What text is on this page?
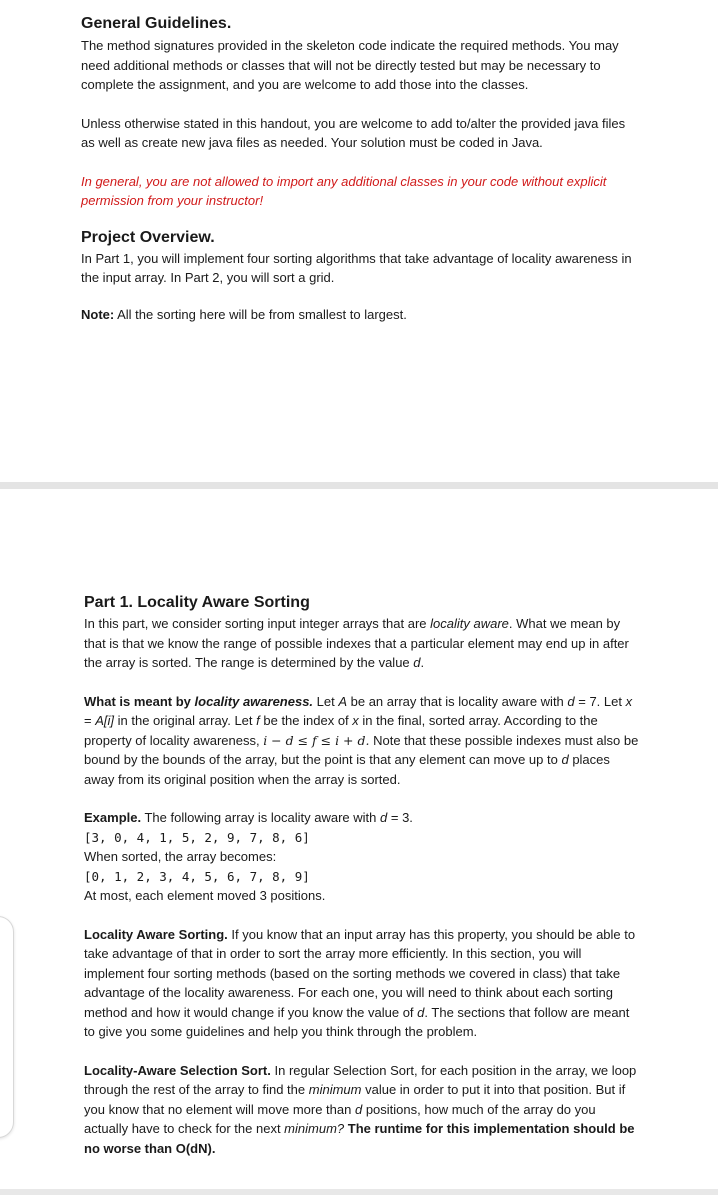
General Guidelines.

The method signatures provided in the skeleton code indicate the required methods. You may need additional methods or classes that will not be directly tested but may be necessary to complete the assignment, and you are welcome to add those into the classes.

Unless otherwise stated in this handout, you are welcome to add to/alter the provided java files as well as create new java files as needed. Your solution must be coded in Java.

In general, you are not allowed to import any additional classes in your code without explicit permission from your instructor!

Project Overview.

In Part 1, you will implement four sorting algorithms that take advantage of locality awareness in the input array. In Part 2, you will sort a grid.

Note: All the sorting here will be from smallest to largest.

Part 1. Locality Aware Sorting

In this part, we consider sorting input integer arrays that are locality aware. What we mean by that is that we know the range of possible indexes that a particular element may end up in after the array is sorted. The range is determined by the value d.

What is meant by locality awareness. Let A be an array that is locality aware with d = 7. Let x = A[i] in the original array. Let f be the index of x in the final, sorted array. According to the property of locality awareness, i − d ≤ f ≤ i + d. Note that these possible indexes must also be bound by the bounds of the array, but the point is that any element can move up to d places away from its original position when the array is sorted.

Example. The following array is locality aware with d = 3.

[3, 0, 4, 1, 5, 2, 9, 7, 8, 6]

When sorted, the array becomes:

[0, 1, 2, 3, 4, 5, 6, 7, 8, 9]

At most, each element moved 3 positions.

Locality Aware Sorting. If you know that an input array has this property, you should be able to take advantage of that in order to sort the array more efficiently. In this section, you will implement four sorting methods (based on the sorting methods we covered in class) that take advantage of the locality awareness. For each one, you will need to think about each sorting method and how it would change if you know the value of d. The sections that follow are meant to give you some guidelines and help you think through the problem.

Locality-Aware Selection Sort. In regular Selection Sort, for each position in the array, we loop through the rest of the array to find the minimum value in order to put it into that position. But if you know that no element will move more than d positions, how much of the array do you actually have to check for the next minimum? The runtime for this implementation should be no worse than O(dN).
